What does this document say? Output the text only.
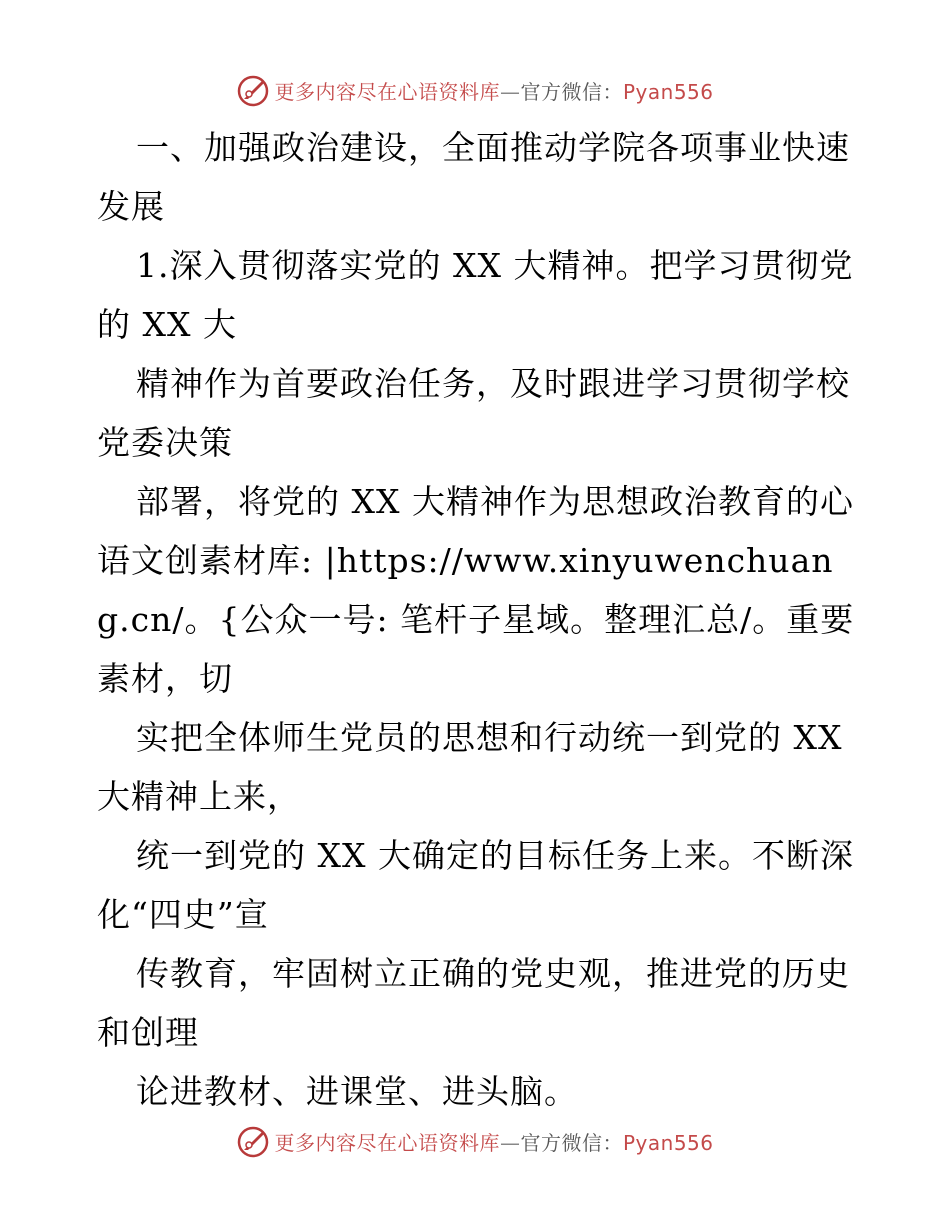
更多内容尽在心语资料库—官方微信：Pyan556

一、加强政治建设，全面推动学院各项事业快速发展

1.深入贯彻落实党的 XX 大精神。把学习贯彻党的 XX 大

精神作为首要政治任务，及时跟进学习贯彻学校党委决策

部署，将党的 XX 大精神作为思想政治教育的心语文创素材库: |https://www.xinyuwenchuang.cn/。{公众一号: 笔杆子星域。整理汇总/。重要素材，切

实把全体师生党员的思想和行动统一到党的 XX 大精神上来，

统一到党的 XX 大确定的目标任务上来。不断深化“四史”宣

传教育，牢固树立正确的党史观，推进党的历史和创理

论进教材、进课堂、进头脑。

更多内容尽在心语资料库—官方微信：Pyan556
